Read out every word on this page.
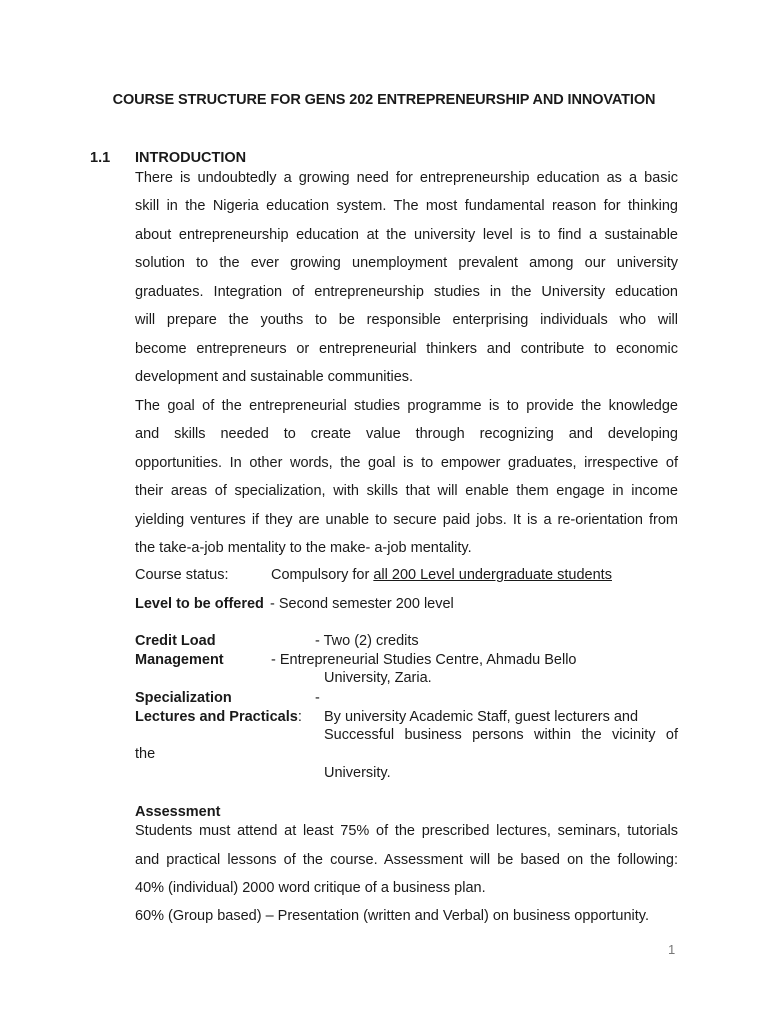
COURSE STRUCTURE FOR GENS 202 ENTREPRENEURSHIP AND INNOVATION
1.1 INTRODUCTION
There is undoubtedly a growing need for entrepreneurship education as a basic
skill in the Nigeria education system. The most fundamental reason for thinking
about entrepreneurship education at the university level is to find a sustainable
solution to the ever growing unemployment prevalent among our university
graduates. Integration of entrepreneurship studies in the University education
will prepare the youths to be responsible enterprising individuals who will
become entrepreneurs or entrepreneurial thinkers and contribute to economic
development and sustainable communities.
The goal of the entrepreneurial studies programme is to provide the knowledge
and skills needed to create value through recognizing and developing
opportunities. In other words, the goal is to empower graduates, irrespective of
their areas of specialization, with skills that will enable them engage in income
yielding ventures if they are unable to secure paid jobs. It is a re-orientation from
the take-a-job mentality to the make- a-job mentality.
Course status:	Compulsory for all 200 Level undergraduate students
Level to be offered - Second semester 200 level
Credit Load	- Two (2) credits
Management	- Entrepreneurial Studies Centre, Ahmadu Bello
University, Zaria.
Specialization	-
Lectures and Practicals: By university Academic Staff, guest lecturers and
Successful business persons within the vicinity of
the
University.
Assessment
Students must attend at least 75% of the prescribed lectures, seminars, tutorials
and practical lessons of the course. Assessment will be based on the following:
40% (individual) 2000 word critique of a business plan.
60% (Group based) – Presentation (written and Verbal) on business opportunity.
1
